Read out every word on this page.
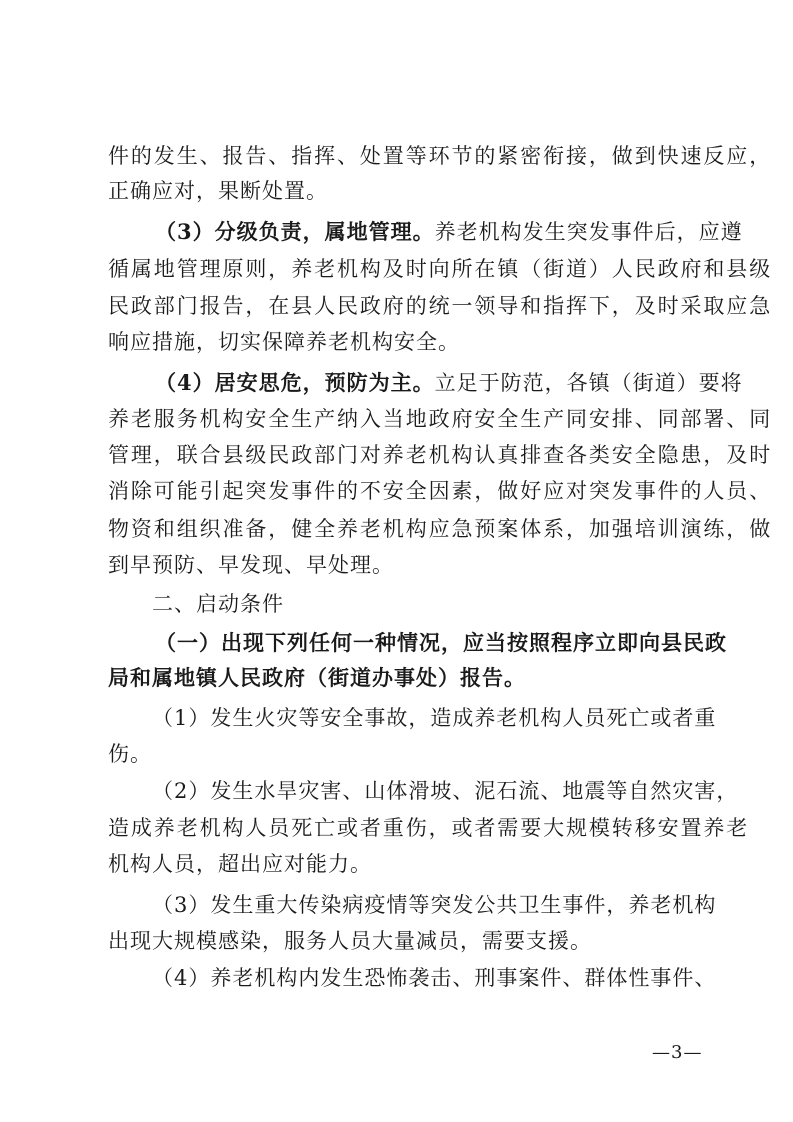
件的发生、报告、指挥、处置等环节的紧密衔接，做到快速反应，
正确应对，果断处置。
（3）分级负责，属地管理。养老机构发生突发事件后，应遵
循属地管理原则，养老机构及时向所在镇（街道）人民政府和县级
民政部门报告，在县人民政府的统一领导和指挥下，及时采取应急
响应措施，切实保障养老机构安全。
（4）居安思危，预防为主。立足于防范，各镇（街道）要将
养老服务机构安全生产纳入当地政府安全生产同安排、同部署、同
管理，联合县级民政部门对养老机构认真排查各类安全隐患，及时
消除可能引起突发事件的不安全因素，做好应对突发事件的人员、
物资和组织准备，健全养老机构应急预案体系，加强培训演练，做
到早预防、早发现、早处理。
二、启动条件
（一）出现下列任何一种情况，应当按照程序立即向县民政
局和属地镇人民政府（街道办事处）报告。
（1）发生火灾等安全事故，造成养老机构人员死亡或者重
伤。
（2）发生水旱灾害、山体滑坡、泥石流、地震等自然灾害，
造成养老机构人员死亡或者重伤，或者需要大规模转移安置养老
机构人员，超出应对能力。
（3）发生重大传染病疫情等突发公共卫生事件，养老机构
出现大规模感染，服务人员大量减员，需要支援。
（4）养老机构内发生恐怖袭击、刑事案件、群体性事件、
—3—
